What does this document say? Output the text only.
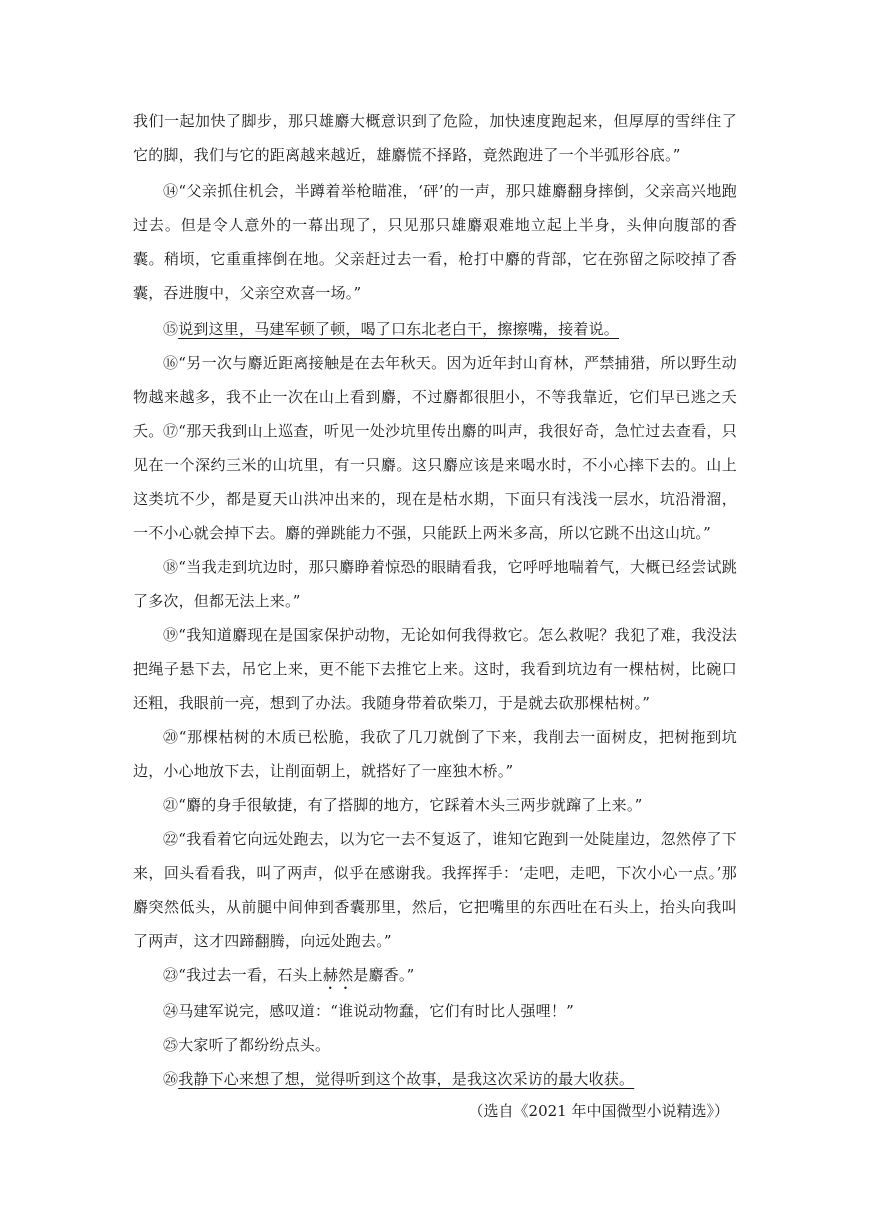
我们一起加快了脚步，那只雄麝大概意识到了危险，加快速度跑起来，但厚厚的雪绊住了它的脚，我们与它的距离越来越近，雄麝慌不择路，竟然跑进了一个半弧形谷底。”

⑭“父亲抓住机会，半蹲着举枪瞄准，‘砰’的一声，那只雄麝翻身摔倒，父亲高兴地跑过去。但是令人意外的一幕出现了，只见那只雄麝艰难地立起上半身，头伸向腹部的香囊。稍顷，它重重摔倒在地。父亲赶过去一看，枪打中麝的背部，它在弥留之际咬掉了香囊，吞进腹中，父亲空欢喜一场。”

⑮说到这里，马建军顿了顿，喝了口东北老白干，擦擦嘴，接着说。

⑯“另一次与麝近距离接触是在去年秋天。因为近年封山育林，严禁捕猎，所以野生动物越来越多，我不止一次在山上看到麝，不过麝都很胆小，不等我靠近，它们早已逃之夭夭。 ⑰“那天我到山上巡查，听见一处沙坑里传出麝的叫声，我很好奇，急忙过去查看，只见在一个深约三米的山坑里，有一只麝。这只麝应该是来喝水时，不小心摔下去的。山上这类坑不少，都是夏天山洪冲出来的，现在是枯水期，下面只有浅浅一层水，坑沿滑溜，一不小心就会掉下去。麝的弹跳能力不强，只能跃上两米多高，所以它跳不出这山坑。”

⑱“当我走到坑边时，那只麝睁着惊恐的眼睛看我，它呼呼地喘着气，大概已经尝试跳了多次，但都无法上来。”

⑲“我知道麝现在是国家保护动物，无论如何我得救它。怎么救呢？我犯了难，我没法把绳子悬下去，吊它上来，更不能下去推它上来。这时，我看到坑边有一棵枯树，比碗口还粗，我眼前一亮，想到了办法。我随身带着砍柴刀，于是就去砍那棵枯树。”

⑳“那棵枯树的木质已松脆，我砍了几刀就倒了下来，我削去一面树皮，把树拖到坑边，小心地放下去，让削面朝上，就搭好了一座独木桥。”

㉑“麝的身手很敏捷，有了搭脚的地方，它踩着木头三两步就蹿了上来。”

㉒“我看着它向远处跑去，以为它一去不复返了，谁知它跑到一处陡崖边，忽然停了下来，回头看看我，叫了两声，似乎在感谢我。我挥挥手：‘走吧，走吧，下次小心一点。’那麝突然低头，从前腿中间伸到香囊那里，然后，它把嘴里的东西吐在石头上，抬头向我叫了两声，这才四蹄翻腾，向远处跑去。”

㉓“我过去一看，石头上赫然是麝香。”

㉔马建军说完，感叹道：“谁说动物蠢，它们有时比人强哩！”

㉕大家听了都纷纷点头。

㉖我静下心来想了想，觉得听到这个故事，是我这次采访的最大收获。

（选自《2021 年中国微型小说精选》）
